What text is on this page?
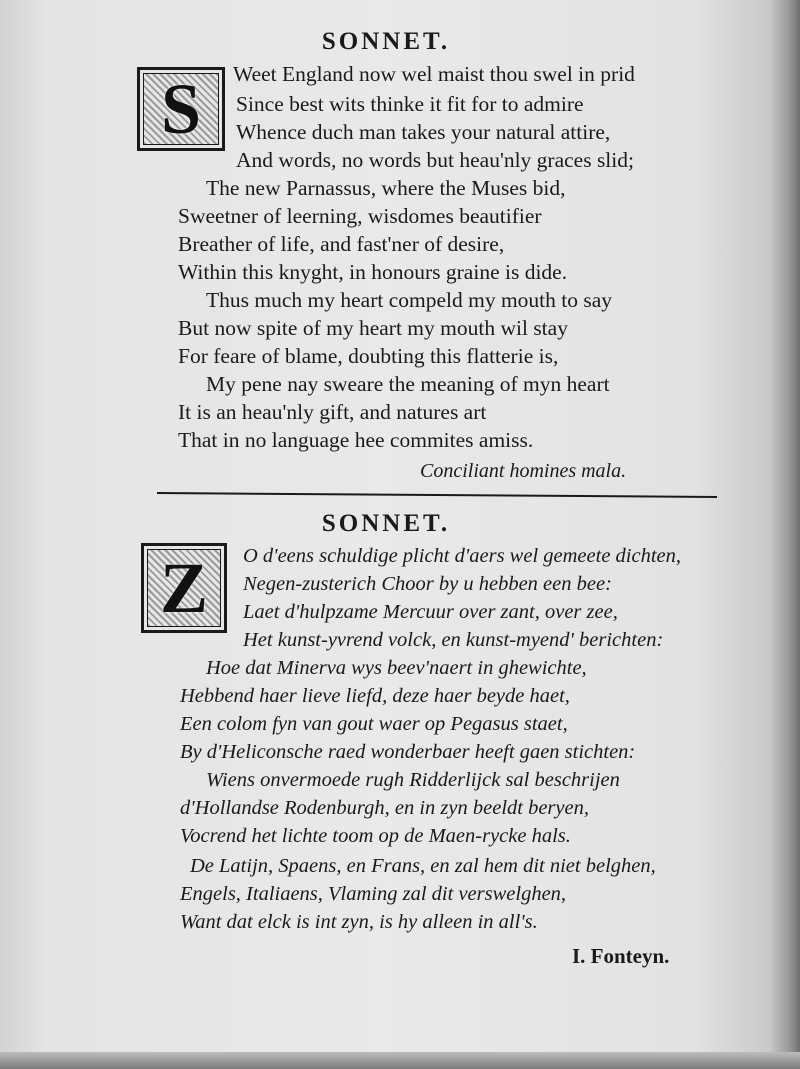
SONNET.
S	Weet England now wel maist thou swel in prid
Since best wits thinke it fit for to admire
Whence duch man takes your natural attire,
And words, no words but heau'nly graces slid;
The new Parnassus, where the Muses bid,
Sweetner of leerning, wisdomes beautifier
Breather of life, and fast'ner of desire,
Within this knyght, in honours graine is dide.
Thus much my heart compeld my mouth to say
But now spite of my heart my mouth wil stay
For feare of blame, doubting this flatterie is,
My pene nay sweare the meaning of myn heart
It is an heau'nly gift, and natures art
That in no language hee commites amiss.
Conciliant homines mala.
SONNET.
Z	O d'eens schuldige plicht d'aers wel gemeete dichten,
Negen-zusterich Choor by u hebben een bee:
Laet d'hulpzame Mercuur over zant, over zee,
Het kunst-yvrend volck, en kunst-myend' berichten:
Hoe dat Minerva wys beev'naert in ghewichte,
Hebbend haer lieve liefd, deze haer beyde haet,
Een colom fyn van gout waer op Pegasus staet,
By d'Heliconsche raed wonderbaer heeft gaen stichten:
Wiens onvermoede rugh Ridderlijck sal beschrijen
d'Hollandse Rodenburgh, en in zyn beeldt beryen,
Vocrend het lichte toom op de Maen-rycke hals.
De Latijn, Spaens, en Frans, en zal hem dit niet belghen,
Engels, Italiaens, Vlaming zal dit verswelghen,
Want dat elck is int zyn, is hy alleen in all's.
I. Fonteyn.
